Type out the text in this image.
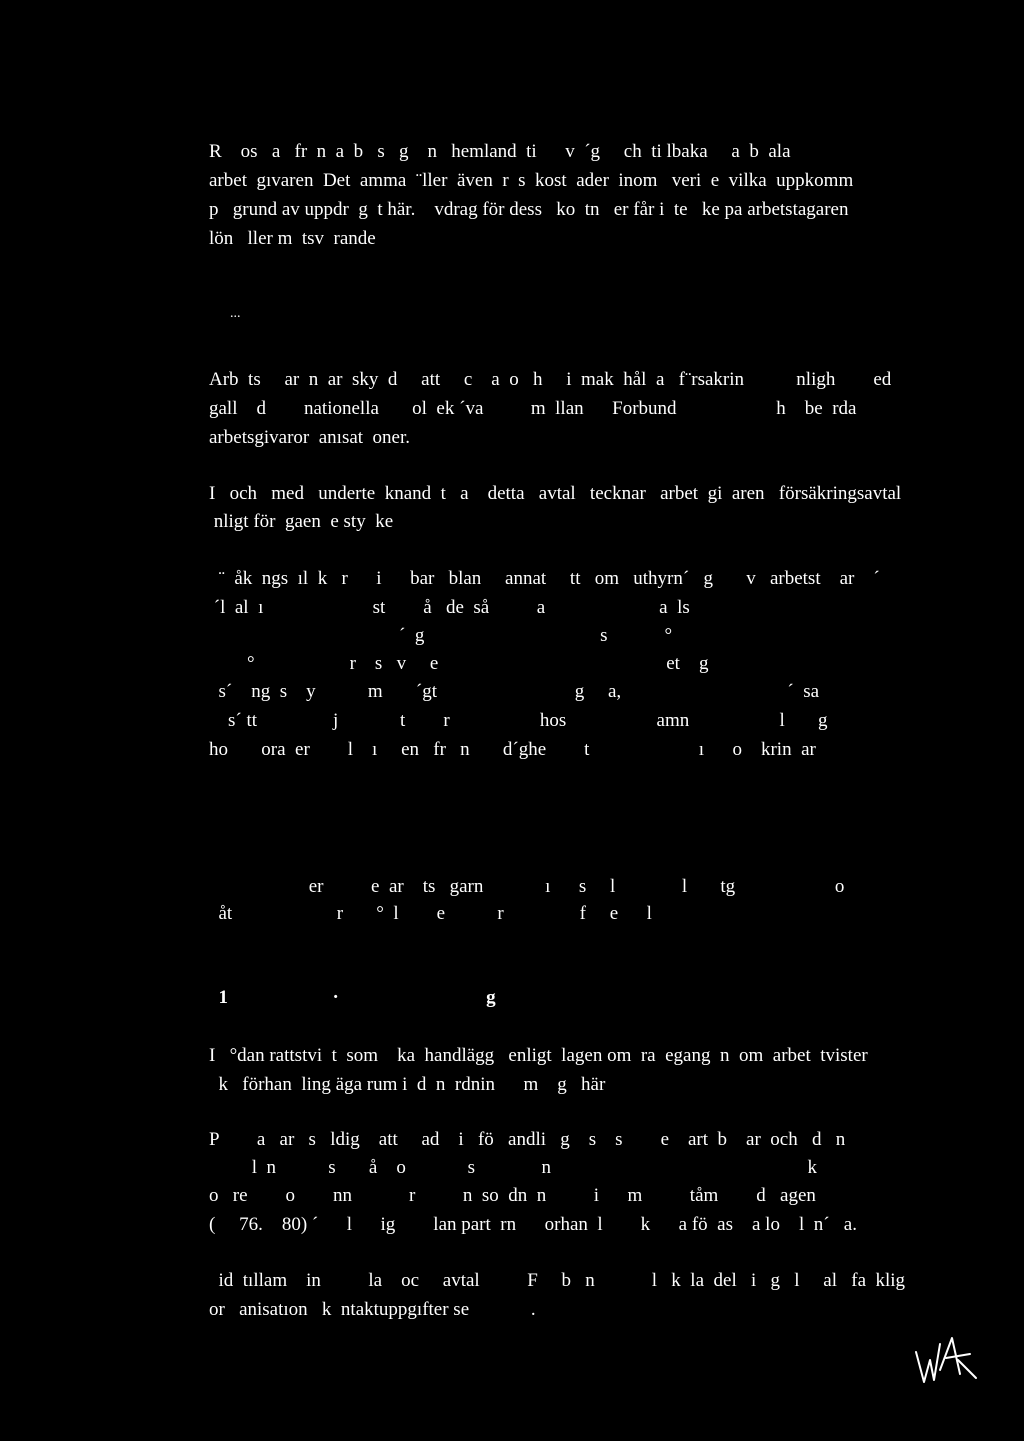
R    os   a   fr  n  a  b   s   g    n   hemland  ti      v  ´g     ch  ti lbaka     a  b  ala
arbet  gıvaren  Det  amma  ¨ller  även  r  s  kost  ader  inom   veri  e  vilka  uppkomm
p   grund av uppdr  g  t här.    vdrag för dess   ko  tn   er får i  te   ke pa arbetstagaren
lön   ller m  tsv  rande
...
Arb  ts     ar  n  ar  sky  d     att     c    a  o   h     i  mak  hål  a   f¨rsakrin           nligh        ed
gall    d        nationella       ol  ek ´va          m  llan      Forbund                     h    be  rda
arbetsgivaror  anısat  oner.
I   och   med   underte  knand  t   a    detta   avtal   tecknar   arbet  gi  aren   försäkringsavtal
nligt för  gaen  e sty  ke
¨  åk  ngs  ıl  k   r      i      bar   blan     annat     tt   om   uthyrn´   g       v   arbetst    ar    ´
´l  al  ı                       st        å   de  så          a                        a  ls
´  g                                     s            °
°                    r    s   v     e                                                et    g
s´    ng  s    y           m       ´gt                             g     a,                                   ´  sa
s´ tt                j             t        r                   hos                   amn                   l       g
ho       ora  er        l    ı     en   fr   n       d´ghe        t                       ı      o    krin  ar
er          e  ar    ts   garn             ı      s     l              l       tg                     o
åt                      r       °  l        e           r                f     e      l
1                      ·                               g
I   °dan rattstvi  t  som    ka  handlägg   enligt  lagen om  ra  egang  n  om  arbet  tvister
k   förhan  ling äga rum i  d  n  rdnin      m    g   här
P        a   ar   s   ldig    att     ad    i   fö   andli   g    s    s        e    art  b    ar  och   d   n
l  n           s       å    o             s              n                                                      k
o   re        o        nn            r          n  so  dn  n          i      m          tåm        d   agen
(     76.    80) ´      l      ig        lan part  rn      orhan  l        k      a fö  as    a lo    l  n´   a.
id  tıllam    in          la    oc     avtal          F     b   n            l   k  la  del   i   g   l     al   fa  klig
or   anisatıon   k  ntaktuppgıfter se             .
